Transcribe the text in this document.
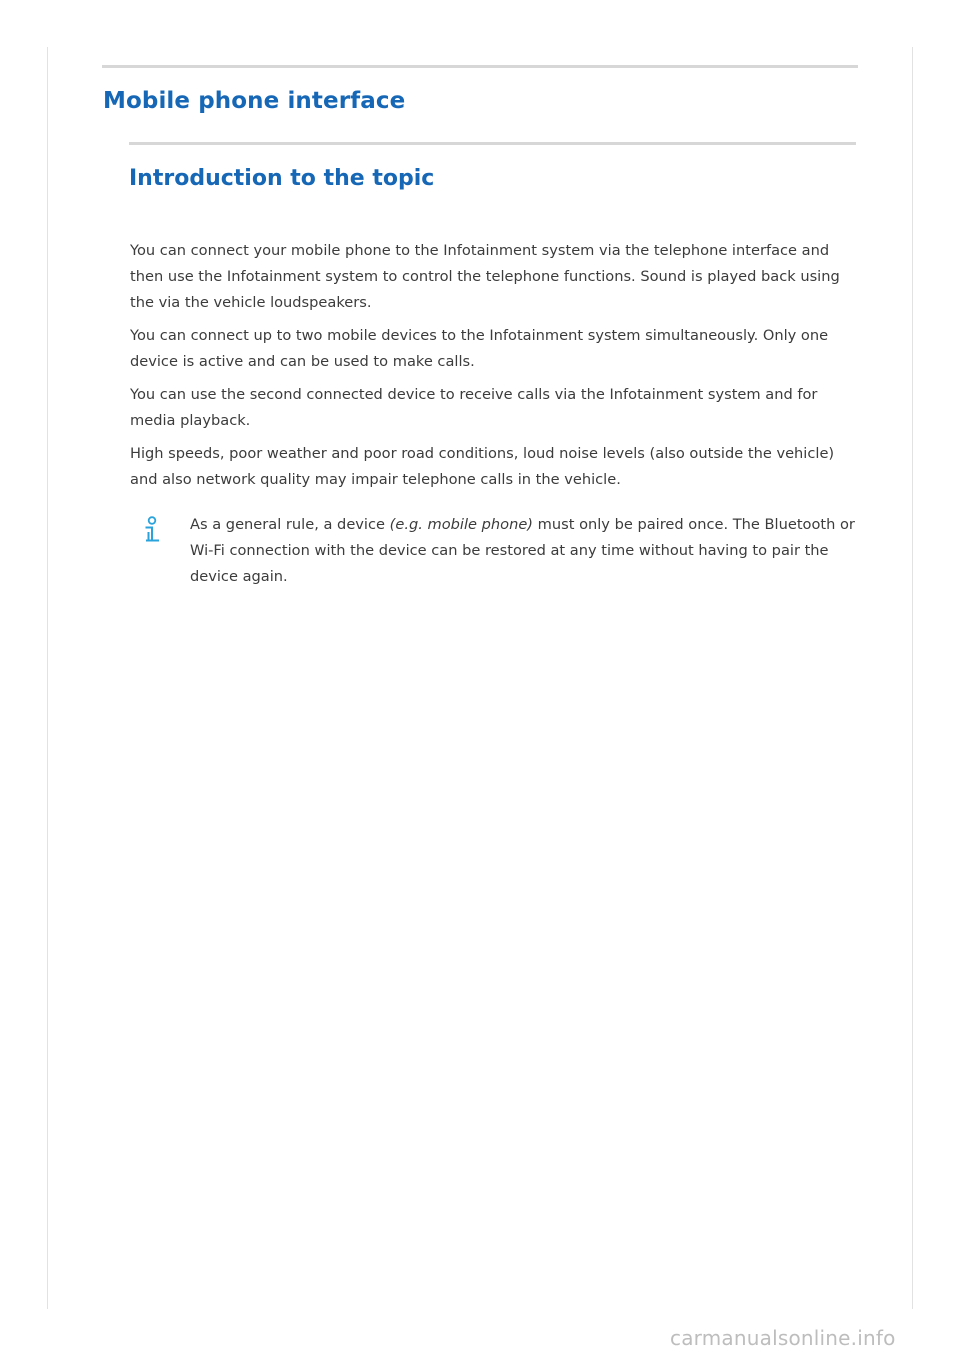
Mobile phone interface
Introduction to the topic

You can connect your mobile phone to the Infotainment system via the telephone interface and then use the Infotainment system to control the telephone functions. Sound is played back using the via the vehicle loudspeakers.

You can connect up to two mobile devices to the Infotainment system simultaneously. Only one device is active and can be used to make calls.

You can use the second connected device to receive calls via the Infotainment system and for media playback.

High speeds, poor weather and poor road conditions, loud noise levels (also outside the vehicle) and also network quality may impair telephone calls in the vehicle.

As a general rule, a device (e.g. mobile phone) must only be paired once. The Bluetooth or Wi-Fi connection with the device can be restored at any time without having to pair the device again.

carmanualsonline.info
